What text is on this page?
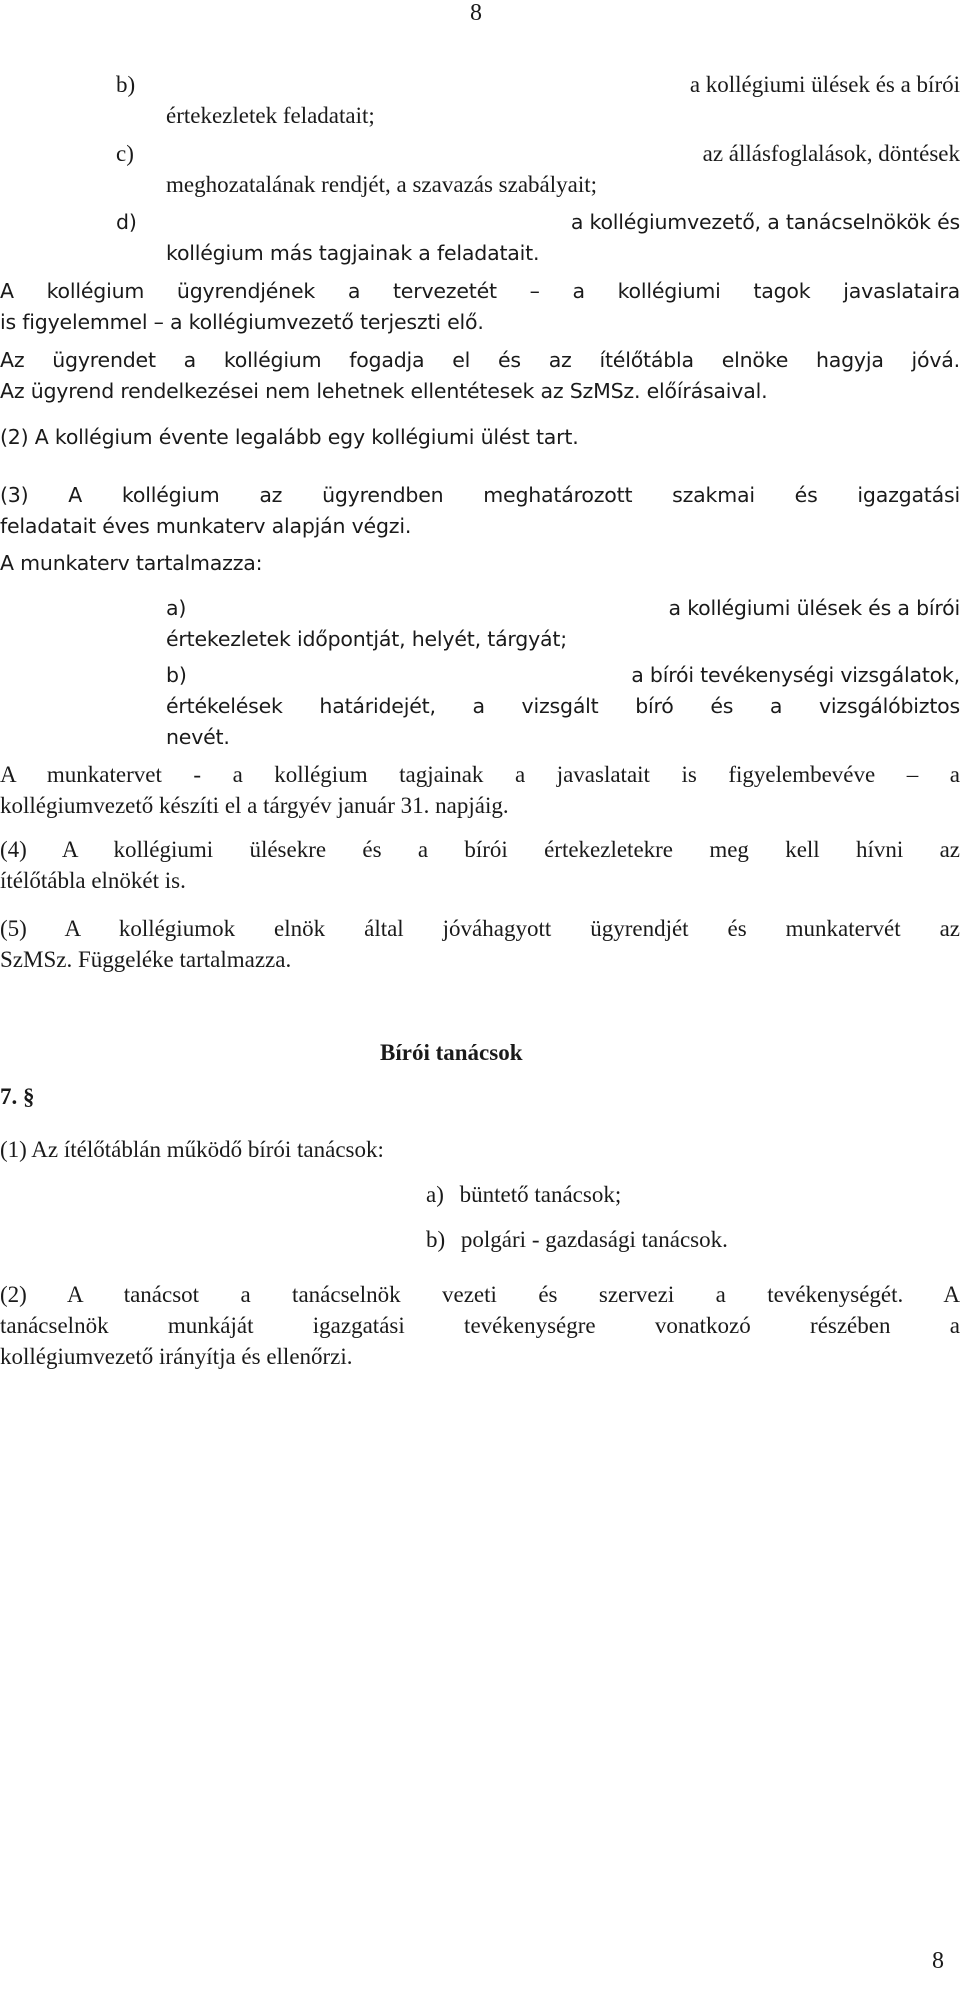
8
b)	a kollégiumi ülések és a bírói
értekezletek feladatait;
c)	az állásfoglalások, döntések
meghozatalának rendjét, a szavazás szabályait;
d)	a kollégiumvezető, a tanácselnökök és
kollégium más tagjainak a feladatait.
A kollégium ügyrendjének a tervezetét – a kollégiumi tagok javaslataira
is figyelemmel – a kollégiumvezető terjeszti elő.
Az ügyrendet a kollégium fogadja el és az ítélőtábla elnöke hagyja jóvá.
Az ügyrend rendelkezései nem lehetnek ellentétesek az SzMSz. előírásaival.
(2) A kollégium évente legalább egy kollégiumi ülést tart.
(3) A kollégium az ügyrendben meghatározott szakmai és igazgatási
feladatait éves munkaterv alapján végzi.
A munkaterv tartalmazza:
a)	a kollégiumi ülések és a bírói
értekezletek időpontját, helyét, tárgyát;
b)	a bírói tevékenységi vizsgálatok,
értékelések határidejét, a vizsgált bíró és a vizsgálóbiztos
nevét.
A munkatervet - a kollégium tagjainak a javaslatait is figyelembevéve – a
kollégiumvezető készíti el a tárgyév január 31. napjáig.
(4) A kollégiumi ülésekre és a bírói értekezletekre meg kell hívni az
ítélőtábla elnökét is.
(5) A kollégiumok elnök által jóváhagyott ügyrendjét és munkatervét az
SzMSz. Függeléke tartalmazza.
Bírói tanácsok
7. §
(1) Az ítélőtáblán működő bírói tanácsok:
a) büntető tanácsok;
b) polgári - gazdasági tanácsok.
(2) A tanácsot a tanácselnök vezeti és szervezi a tevékenységét. A
tanácselnök munkáját igazgatási tevékenységre vonatkozó részében a
kollégiumvezető irányítja és ellenőrzi.
8
